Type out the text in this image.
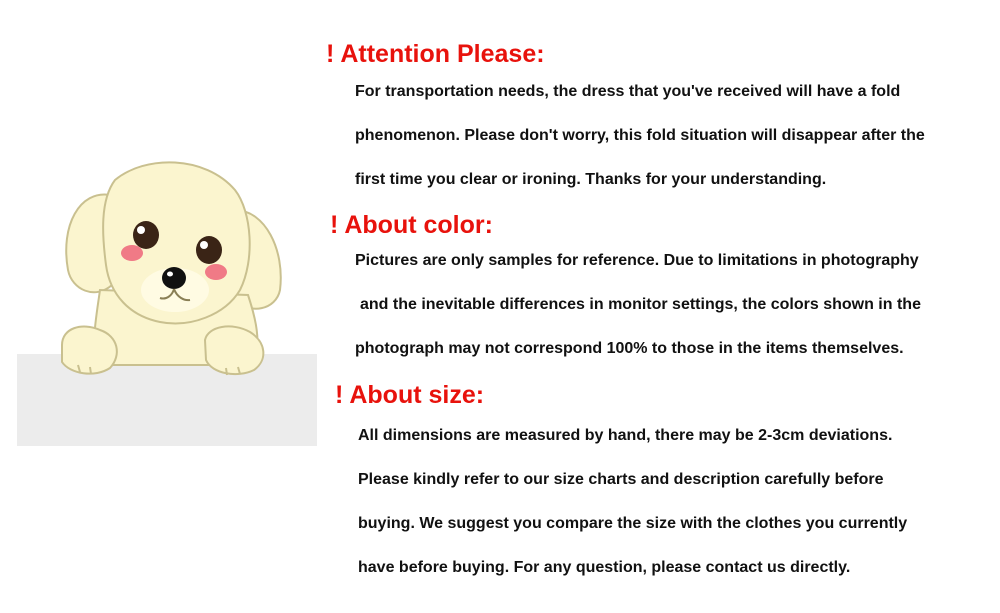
! Attention Please:

For transportation needs, the dress that you've received will have a fold

phenomenon. Please don't worry, this fold situation will disappear after the

first time you clear or ironing. Thanks for your understanding.

! About color:

Pictures are only samples for reference. Due to limitations in photography

and the inevitable differences in monitor settings, the colors shown in the

photograph may not correspond 100% to those in the items themselves.

! About size:

All dimensions are measured by hand, there may be 2-3cm deviations.

Please kindly refer to our size charts and description carefully before

buying. We suggest you compare the size with the clothes you currently

have before buying. For any question, please contact us directly.
